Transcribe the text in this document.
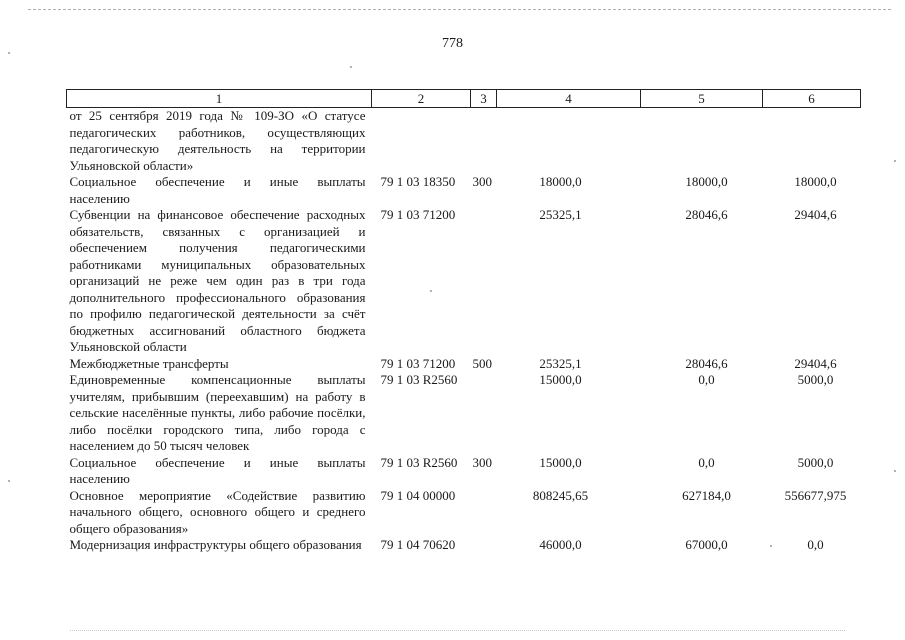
778
1	2	3	4	5	6
от 25 сентября 2019 года № 109-ЗО «О статусе педагогических работников, осуществляющих педагогическую деятельность на территории Ульяновской области»					
Социальное обеспечение и иные выплаты населению	79 1 03 18350	300	18000,0	18000,0	18000,0
Субвенции на финансовое обеспечение расходных обязательств, связанных с организацией и обеспечением получения педагогическими работниками муниципальных образовательных организаций не реже чем один раз в три года дополнительного профессионального образования по профилю педагогической деятельности за счёт бюджетных ассигнований областного бюджета Ульяновской области	79 1 03 71200		25325,1	28046,6	29404,6
Межбюджетные трансферты	79 1 03 71200	500	25325,1	28046,6	29404,6
Единовременные компенсационные выплаты учителям, прибывшим (переехавшим) на работу в сельские населённые пункты, либо рабочие посёлки, либо посёлки городского типа, либо города с населением до 50 тысяч человек	79 1 03 R2560		15000,0	0,0	5000,0
Социальное обеспечение и иные выплаты населению	79 1 03 R2560	300	15000,0	0,0	5000,0
Основное мероприятие «Содействие развитию начального общего, основного общего и среднего общего образования»	79 1 04 00000		808245,65	627184,0	556677,975
Модернизация инфраструктуры общего образования	79 1 04 70620		46000,0	67000,0	0,0
